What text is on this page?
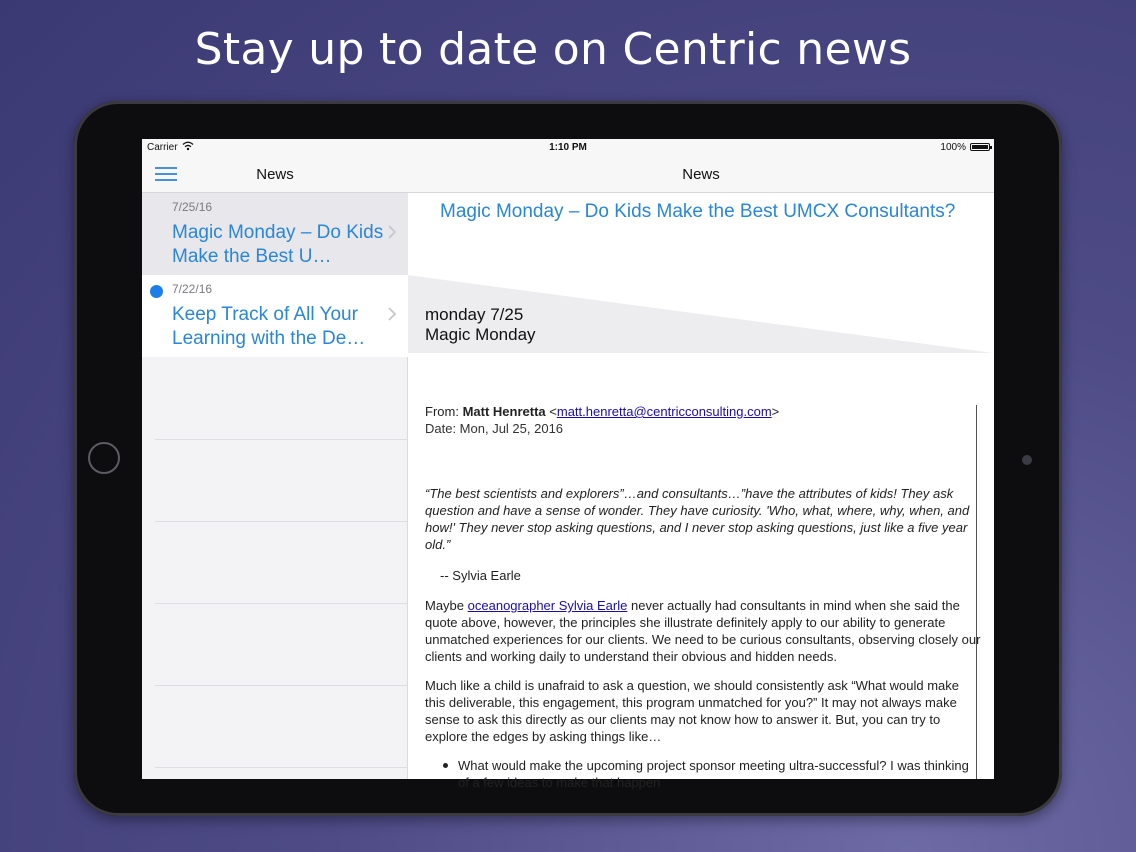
Stay up to date on Centric news
Carrier	1:10 PM	100%
News
7/25/16
Magic Monday – Do Kids Make the Best U…
7/22/16
Keep Track of All Your Learning with the De…
News
Magic Monday – Do Kids Make the Best UMCX Consultants?
monday 7/25
Magic Monday
From: Matt Henretta <matt.henretta@centricconsulting.com>
Date: Mon, Jul 25, 2016
“The best scientists and explorers”…and consultants…”have the attributes of kids! They ask question and have a sense of wonder. They have curiosity. 'Who, what, where, why, when, and how!' They never stop asking questions, and I never stop asking questions, just like a five year old.”
-- Sylvia Earle
Maybe oceanographer Sylvia Earle never actually had consultants in mind when she said the quote above, however, the principles she illustrate definitely apply to our ability to generate unmatched experiences for our clients. We need to be curious consultants, observing closely our clients and working daily to understand their obvious and hidden needs.
Much like a child is unafraid to ask a question, we should consistently ask “What would make this deliverable, this engagement, this program unmatched for you?” It may not always make sense to ask this directly as our clients may not know how to answer it. But, you can try to explore the edges by asking things like…
What would make the upcoming project sponsor meeting ultra-successful? I was thinking of a few ideas to make that happen
